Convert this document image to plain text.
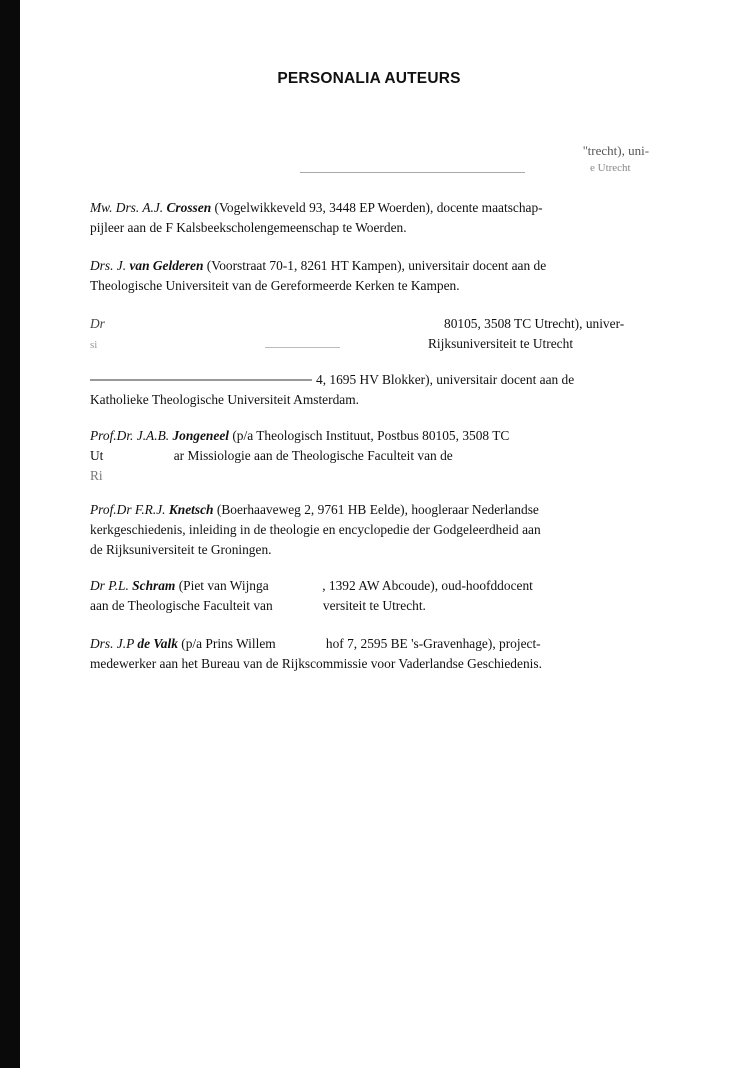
PERSONALIA AUTEURS
''trecht), uni-
e Utrecht

Mw. Drs. A.J. Crossen (Vogelwikkeveld 93, 3448 EP Woerden), docente maatschap-
pijleer aan de F Kalsbeekscholengemeenschap te Woerden.

Drs. J. van Gelderen (Voorstraat 70-1, 8261 HT Kampen), universitair docent aan de
Theologische Universiteit van de Gereformeerde Kerken te Kampen.

Dr	80105, 3508 TC Utrecht), univer-

si	Rijksuniversiteit te Utrecht
4, 1695 HV Blokker), universitair docent aan de

Katholieke Theologische Universiteit Amsterdam.

Prof.Dr. J.A.B. Jongeneel (p/a Theologisch Instituut, Postbus 80105, 3508 TC
Ut                     ar Missiologie aan de Theologische Faculteit van de
Ri

Prof.Dr F.R.J. Knetsch (Boerhaaveweg 2, 9761 HB Eelde), hoogleraar Nederlandse
kerkgeschiedenis, inleiding in de theologie en encyclopedie der Godgeleerdheid aan
de Rijksuniversiteit te Groningen.

Dr P.L. Schram (Piet van Wijnga                , 1392 AW Abcoude), oud-hoofddocent
aan de Theologische Faculteit van               versiteit te Utrecht.

Drs. J.P de Valk (p/a Prins Willem               hof 7, 2595 BE 's-Gravenhage), project-
medewerker aan het Bureau van de Rijkscommissie voor Vaderlandse Geschiedenis.
